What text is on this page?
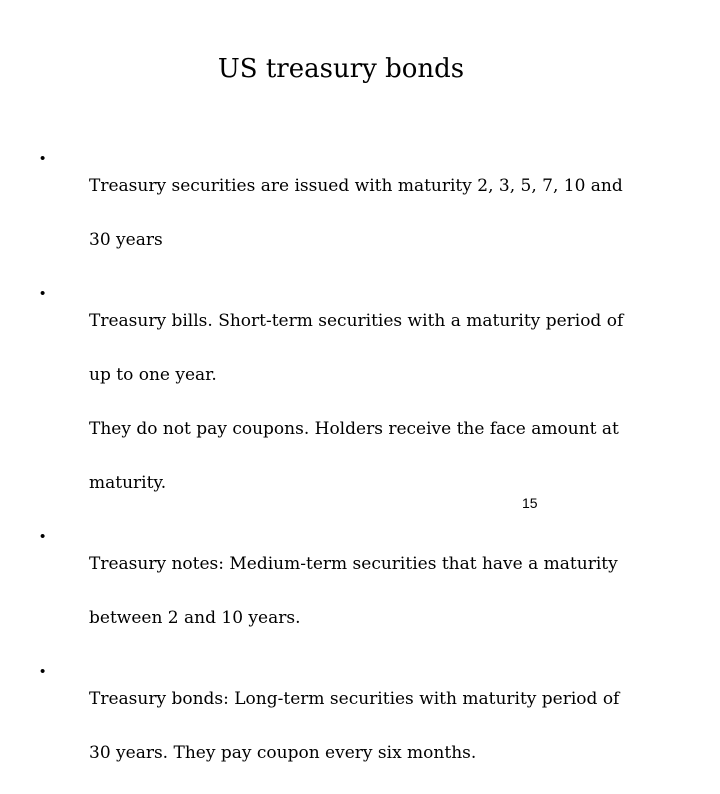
US treasury bonds
•

Treasury securities are issued with maturity 2, 3, 5, 7, 10 and

30 years

•

Treasury bills. Short-term securities with a maturity period of

up to one year.

They do not pay coupons. Holders receive the face amount at

maturity.

•

Treasury notes: Medium-term securities that have a maturity

between 2 and 10 years.

•

Treasury bonds: Long-term securities with maturity period of

30 years. They pay coupon every six months.

15
